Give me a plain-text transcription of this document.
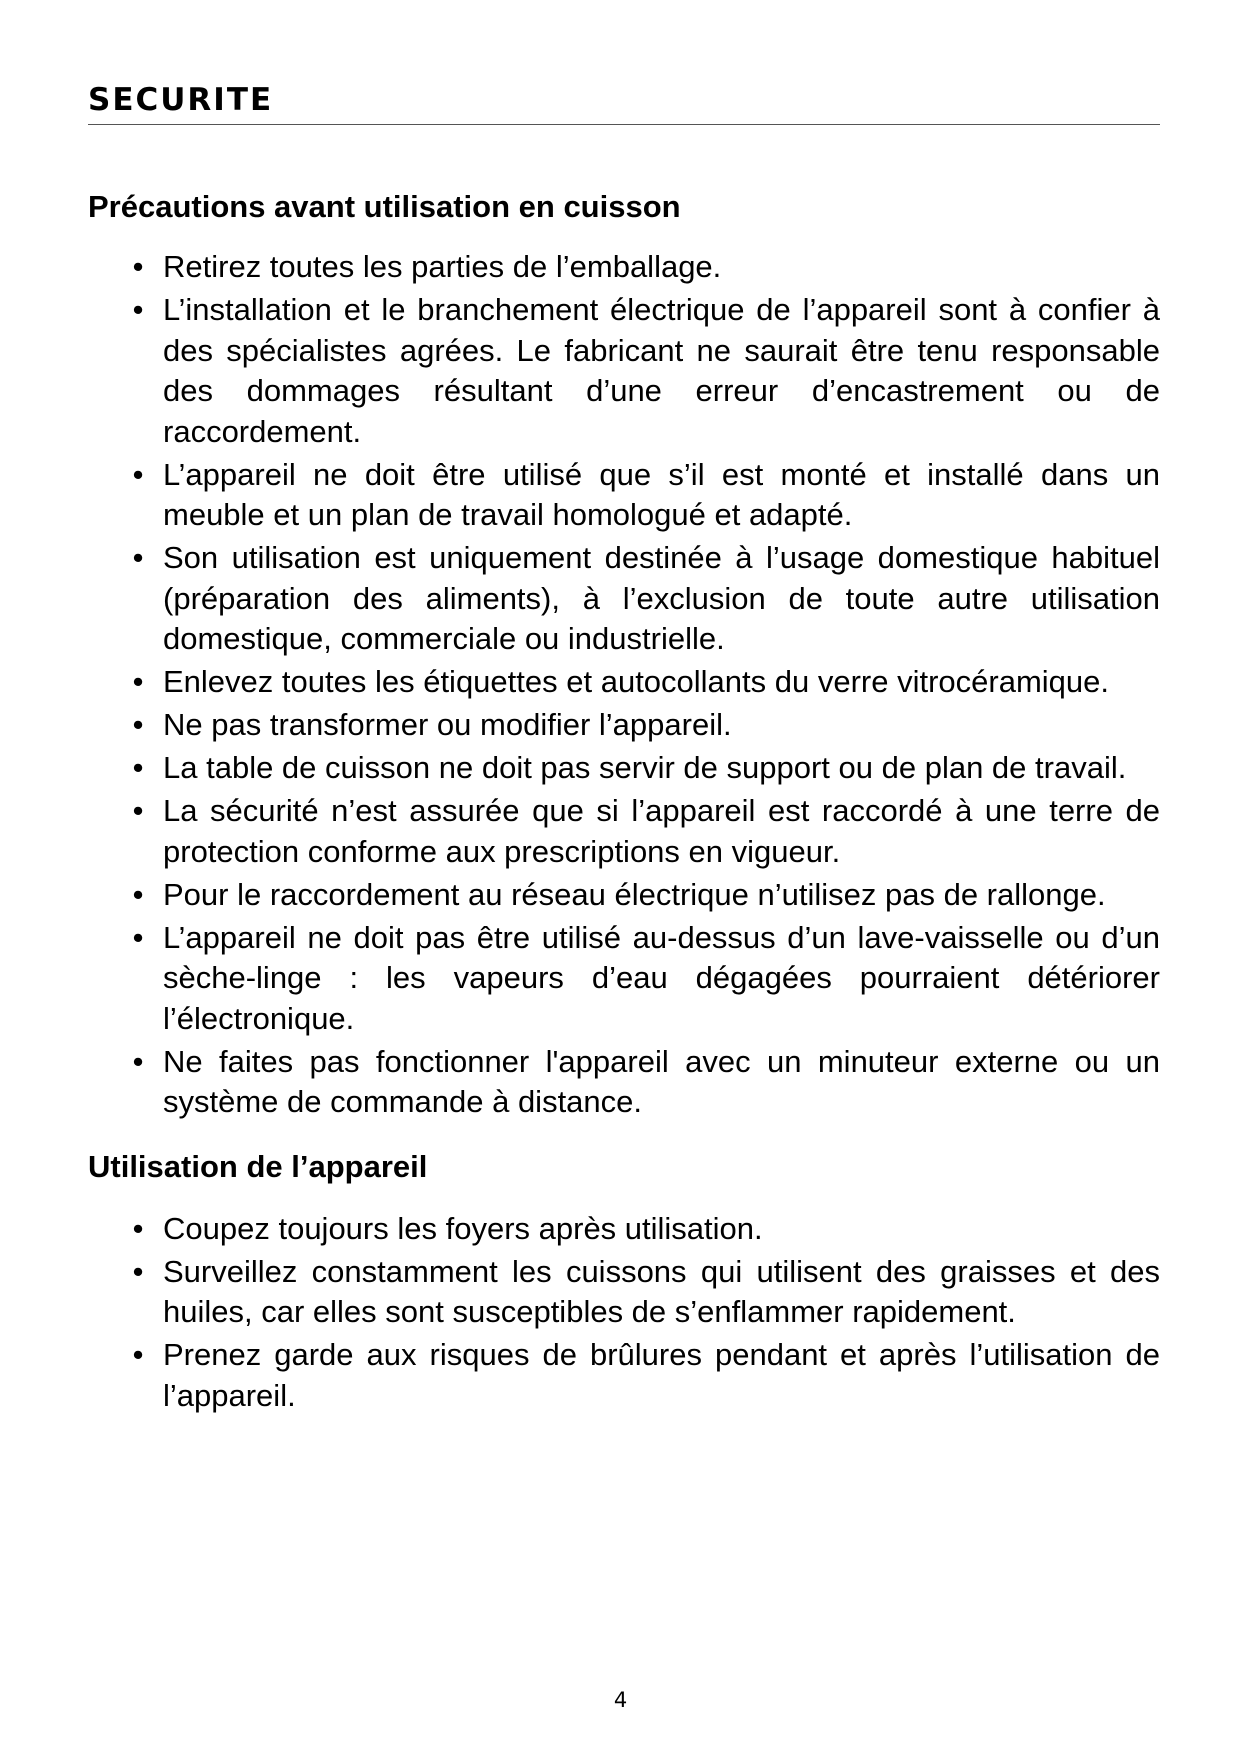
SECURITE
Précautions avant utilisation en cuisson
• Retirez toutes les parties de l’emballage.
• L’installation et le branchement électrique de l’appareil sont à confier à des spécialistes agrées. Le fabricant ne saurait être tenu responsable des dommages résultant d’une erreur d’encastrement ou de raccordement.
• L’appareil ne doit être utilisé que s’il est monté et installé dans un meuble et un plan de travail homologué et adapté.
• Son utilisation est uniquement destinée à l’usage domestique habituel (préparation des aliments), à l’exclusion de toute autre utilisation domestique, commerciale ou industrielle.
• Enlevez toutes les étiquettes et autocollants du verre vitrocéramique.
• Ne pas transformer ou modifier l’appareil.
• La table de cuisson ne doit pas servir de support ou de plan de travail.
• La sécurité n’est assurée que si l’appareil est raccordé à une terre de protection conforme aux prescriptions en vigueur.
• Pour le raccordement au réseau électrique n’utilisez pas de rallonge.
• L’appareil ne doit pas être utilisé au-dessus d’un lave-vaisselle ou d’un sèche-linge : les vapeurs d’eau dégagées pourraient détériorer l’électronique.
• Ne faites pas fonctionner l'appareil avec un minuteur externe ou un système de commande à distance.
Utilisation de l’appareil
• Coupez toujours les foyers après utilisation.
• Surveillez constamment les cuissons qui utilisent des graisses et des huiles, car elles sont susceptibles de s’enflammer rapidement.
• Prenez garde aux risques de brûlures pendant et après l’utilisation de l’appareil.
4
